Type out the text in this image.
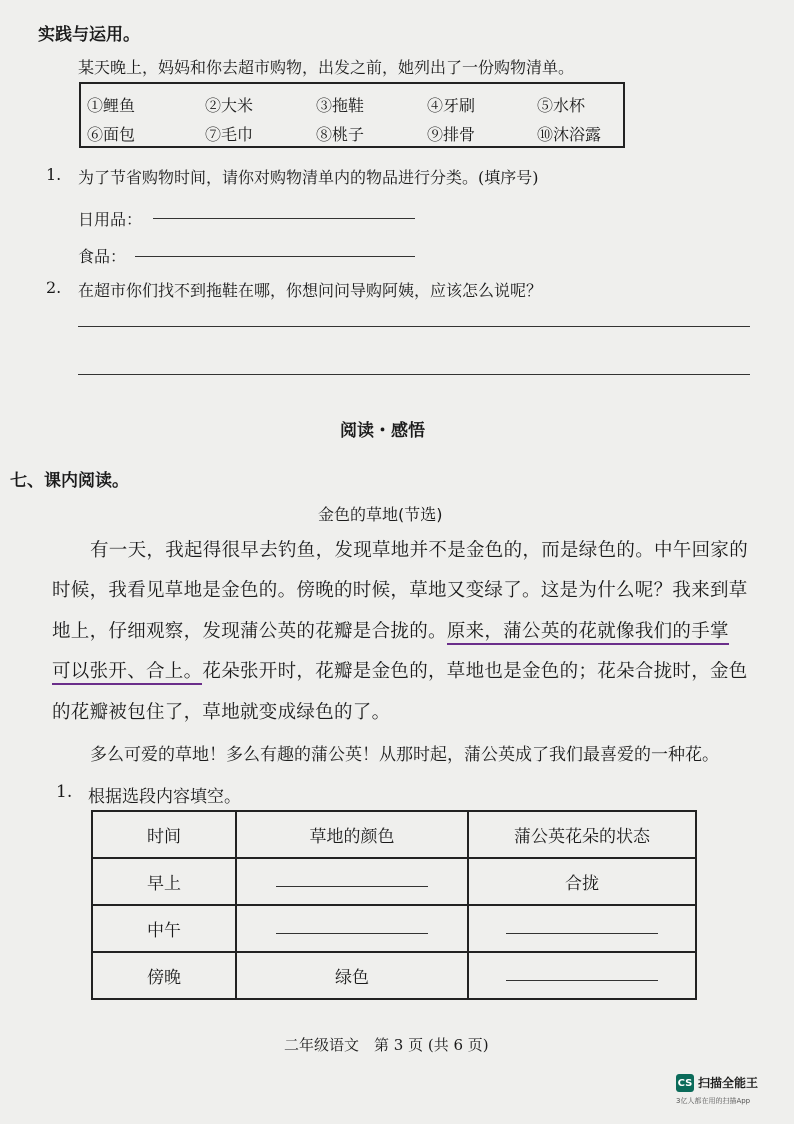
实践与运用。
某天晚上，妈妈和你去超市购物，出发之前，她列出了一份购物清单。
①鲤鱼	②大米	③拖鞋	④牙刷	⑤水杯
⑥面包	⑦毛巾	⑧桃子	⑨排骨	⑩沐浴露
1. 为了节省购物时间，请你对购物清单内的物品进行分类。(填序号)
日用品：
食品：
2. 在超市你们找不到拖鞋在哪，你想问问导购阿姨，应该怎么说呢？
阅读・感悟
七、课内阅读。
金色的草地(节选)
有一天，我起得很早去钓鱼，发现草地并不是金色的，而是绿色的。中午回家的
时候，我看见草地是金色的。傍晚的时候，草地又变绿了。这是为什么呢？我来到草
地上，仔细观察，发现蒲公英的花瓣是合拢的。原来，蒲公英的花就像我们的手掌
可以张开、合上。花朵张开时，花瓣是金色的，草地也是金色的；花朵合拢时，金色
的花瓣被包住了，草地就变成绿色的了。
多么可爱的草地！多么有趣的蒲公英！从那时起，蒲公英成了我们最喜爱的一种花。
1. 根据选段内容填空。
时间	草地的颜色	蒲公英花朵的状态
早上		合拢
中午		
傍晚	绿色	
二年级语文　第 3 页 (共 6 页)
CS 扫描全能王
3亿人都在用的扫描App
